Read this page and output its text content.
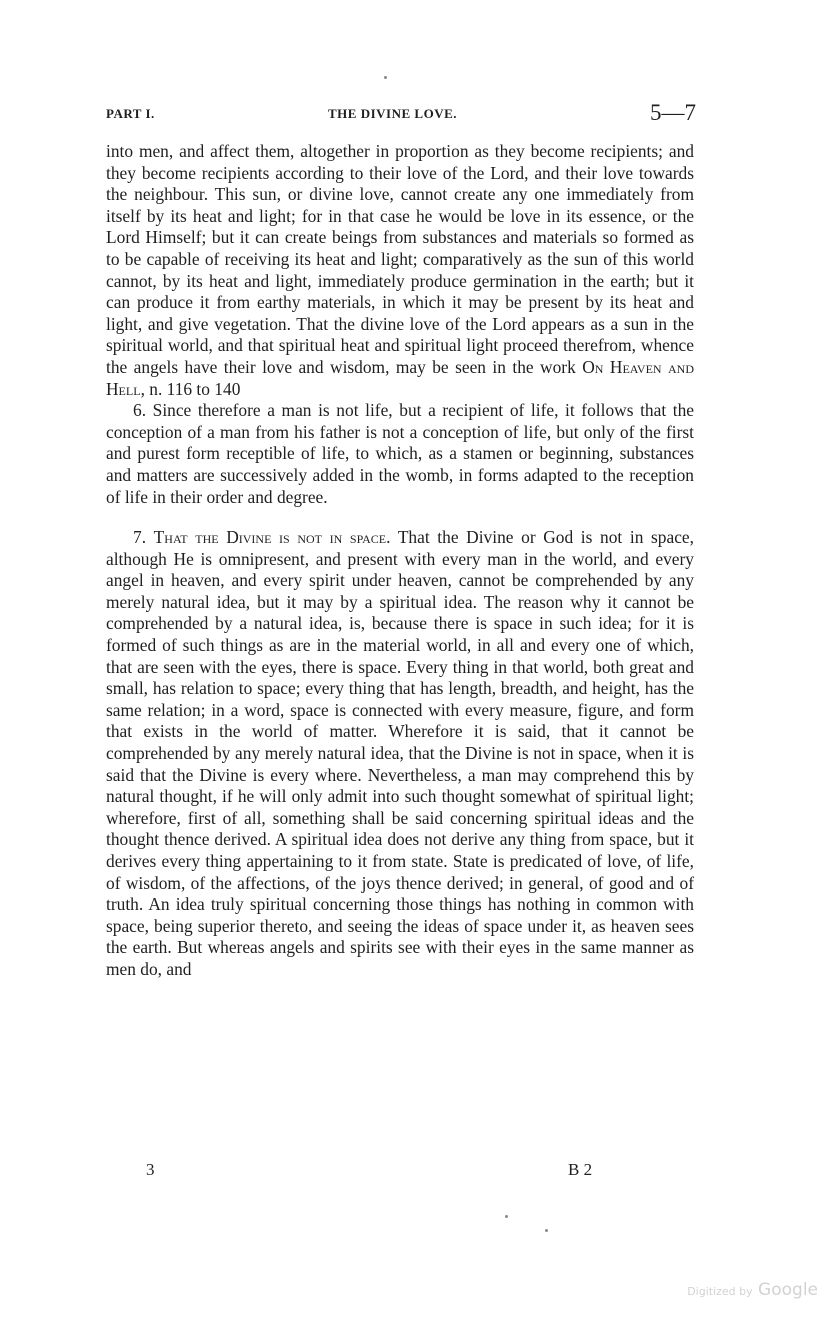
PART I.	THE DIVINE LOVE.	5—7

into men, and affect them, altogether in proportion as they become recipients; and they become recipients according to their love of the Lord, and their love towards the neighbour. This sun, or divine love, cannot create any one immediately from itself by its heat and light; for in that case he would be love in its essence, or the Lord Himself; but it can create beings from substances and materials so formed as to be capable of receiving its heat and light; comparatively as the sun of this world cannot, by its heat and light, immediately produce germination in the earth; but it can produce it from earthy materials, in which it may be present by its heat and light, and give vegetation. That the divine love of the Lord appears as a sun in the spiritual world, and that spiritual heat and spiritual light proceed therefrom, whence the angels have their love and wisdom, may be seen in the work On Heaven and Hell, n. 116 to 140

6. Since therefore a man is not life, but a recipient of life, it follows that the conception of a man from his father is not a conception of life, but only of the first and purest form receptible of life, to which, as a stamen or beginning, substances and matters are successively added in the womb, in forms adapted to the reception of life in their order and degree.

7. That the Divine is not in space. That the Divine or God is not in space, although He is omnipresent, and present with every man in the world, and every angel in heaven, and every spirit under heaven, cannot be comprehended by any merely natural idea, but it may by a spiritual idea. The reason why it cannot be comprehended by a natural idea, is, because there is space in such idea; for it is formed of such things as are in the material world, in all and every one of which, that are seen with the eyes, there is space. Every thing in that world, both great and small, has relation to space; every thing that has length, breadth, and height, has the same relation; in a word, space is connected with every measure, figure, and form that exists in the world of matter. Wherefore it is said, that it cannot be comprehended by any merely natural idea, that the Divine is not in space, when it is said that the Divine is every where. Nevertheless, a man may comprehend this by natural thought, if he will only admit into such thought somewhat of spiritual light; wherefore, first of all, something shall be said concerning spiritual ideas and the thought thence derived. A spiritual idea does not derive any thing from space, but it derives every thing appertaining to it from state. State is predicated of love, of life, of wisdom, of the affections, of the joys thence derived; in general, of good and of truth. An idea truly spiritual concerning those things has nothing in common with space, being superior thereto, and seeing the ideas of space under it, as heaven sees the earth. But whereas angels and spirits see with their eyes in the same manner as men do, and

3	B 2
Digitized by Google
